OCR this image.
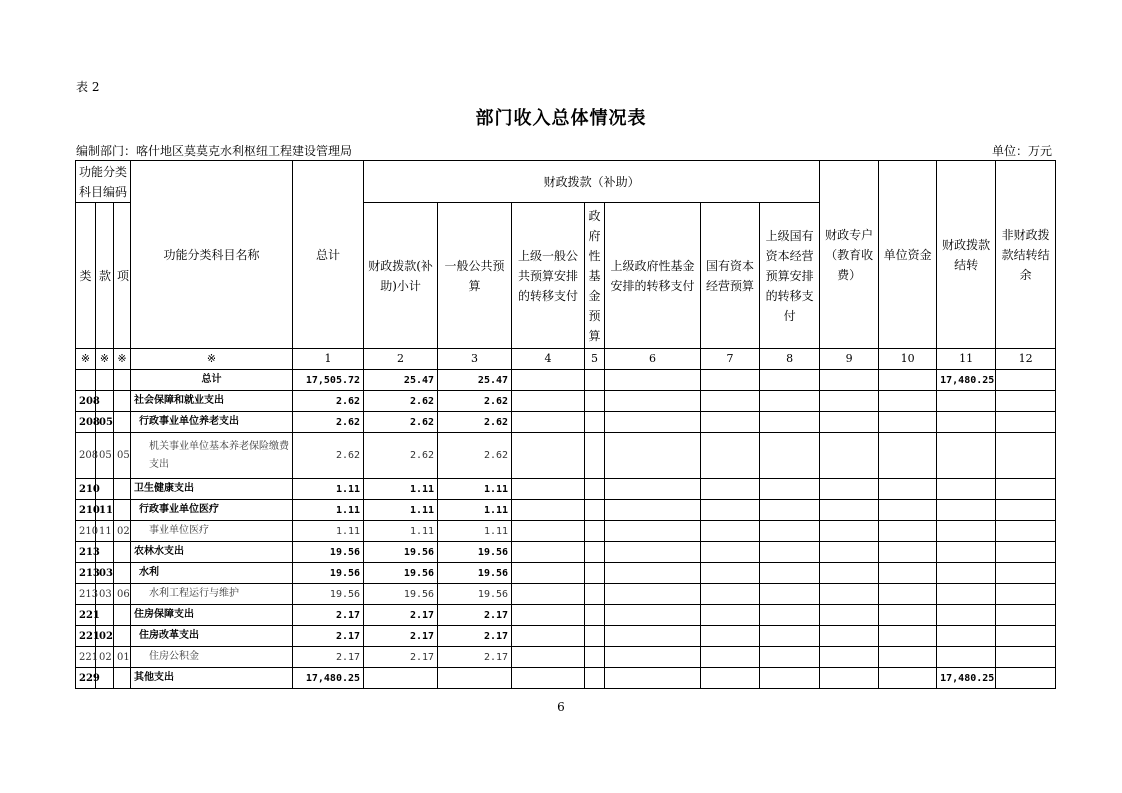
表 2
部门收入总体情况表
编制部门：喀什地区莫莫克水利枢纽工程建设管理局	单位：万元
功能分类科目编码			功能分类科目名称	总计	财政拨款（补助）							财政专户（教育收费）	单位资金	财政拨款结转	非财政拨款结转结余
类	款	项			财政拨款(补助)小计	一般公共预算	上级一般公共预算安排的转移支付	政府性基金预算	上级政府性基金安排的转移支付	国有资本经营预算	上级国有资本经营预算安排的转移支付				
※	※	※	※	1	2	3	4	5	6	7	8	9	10	11	12
			总计	17,505.72	25.47	25.47								17,480.25	
208			社会保障和就业支出	2.62	2.62	2.62									
208	05		行政事业单位养老支出	2.62	2.62	2.62									
208	05	05	机关事业单位基本养老保险缴费支出	2.62	2.62	2.62									
210			卫生健康支出	1.11	1.11	1.11									
210	11		行政事业单位医疗	1.11	1.11	1.11									
210	11	02	事业单位医疗	1.11	1.11	1.11									
213			农林水支出	19.56	19.56	19.56									
213	03		水利	19.56	19.56	19.56									
213	03	06	水利工程运行与维护	19.56	19.56	19.56									
221			住房保障支出	2.17	2.17	2.17									
221	02		住房改革支出	2.17	2.17	2.17									
221	02	01	住房公积金	2.17	2.17	2.17									
229			其他支出	17,480.25										17,480.25	
6
